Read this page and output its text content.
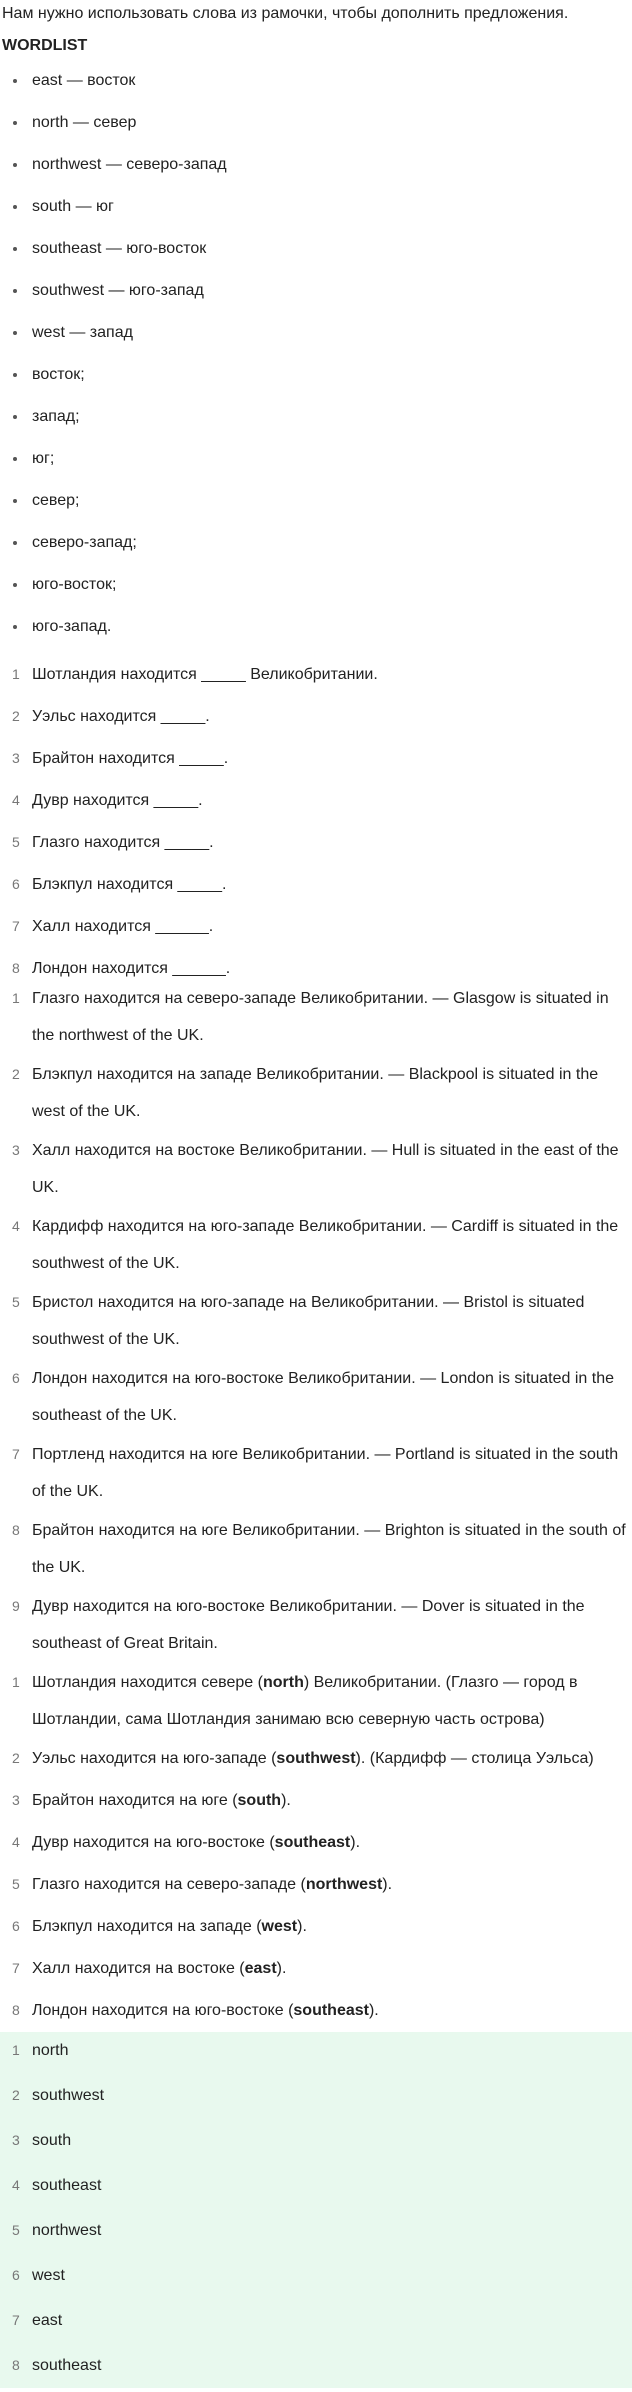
Нам нужно использовать слова из рамочки, чтобы дополнить предложения.
WORDLIST
east — восток
north — север
northwest — северо-запад
south — юг
southeast — юго-восток
southwest — юго-запад
west — запад
восток;
запад;
юг;
север;
северо-запад;
юго-восток;
юго-запад.
1 Шотландия находится _____ Великобритании.
2 Уэльс находится _____.
3 Брайтон находится _____.
4 Дувр находится _____.
5 Глазго находится _____.
6 Блэкпул находится _____.
7 Халл находится ______.
8 Лондон находится ______.
1 Глазго находится на северо-западе Великобритании. — Glasgow is situated in the northwest of the UK.
2 Блэкпул находится на западе Великобритании. — Blackpool is situated in the west of the UK.
3 Халл находится на востоке Великобритании. — Hull is situated in the east of the UK.
4 Кардифф находится на юго-западе Великобритании. — Cardiff is situated in the southwest of the UK.
5 Бристол находится на юго-западе на Великобритании. — Bristol is situated southwest of the UK.
6 Лондон находится на юго-востоке Великобритании. — London is situated in the southeast of the UK.
7 Портленд находится на юге Великобритании. — Portland is situated in the south of the UK.
8 Брайтон находится на юге Великобритании. — Brighton is situated in the south of the UK.
9 Дувр находится на юго-востоке Великобритании. — Dover is situated in the southeast of Great Britain.
1 Шотландия находится севере (north) Великобритании. (Глазго — город в Шотландии, сама Шотландия занимаю всю северную часть острова)
2 Уэльс находится на юго-западе (southwest). (Кардифф — столица Уэльса)
3 Брайтон находится на юге (south).
4 Дувр находится на юго-востоке (southeast).
5 Глазго находится на северо-западе (northwest).
6 Блэкпул находится на западе (west).
7 Халл находится на востоке (east).
8 Лондон находится на юго-востоке (southeast).
1 north
2 southwest
3 south
4 southeast
5 northwest
6 west
7 east
8 southeast
